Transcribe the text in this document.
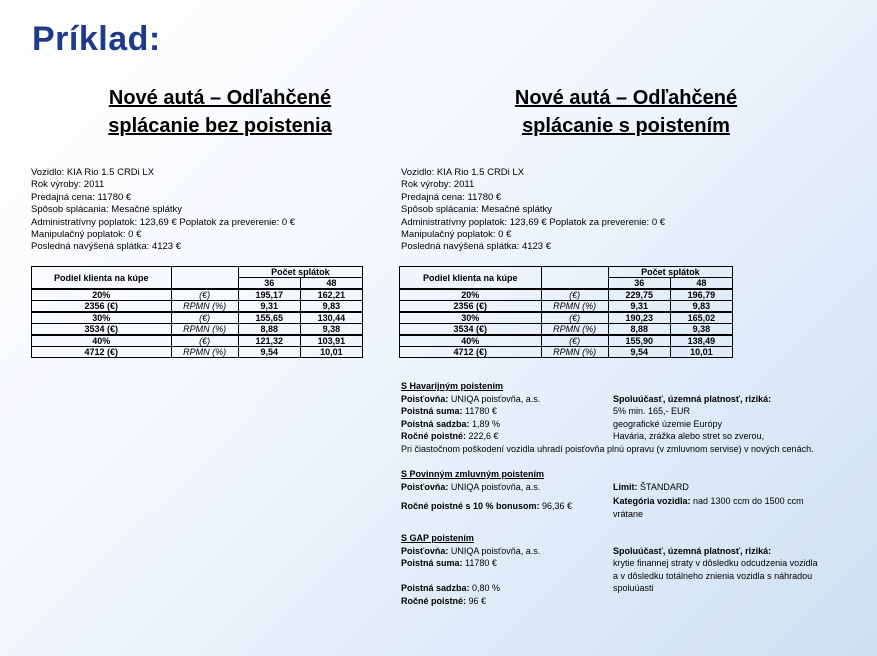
Príklad:
Nové autá – Odľahčené
splácanie bez poistenia
Vozidlo: KIA Rio 1.5 CRDi LX
Rok výroby: 2011
Predajná cena: 11780 €
Spôsob splácania: Mesačné splátky
Administratívny poplatok: 123,69 € Poplatok za preverenie: 0 €
Manipulačný poplatok: 0 €
Posledná navýšená splátka: 4123 €
Podiel klienta na kúpe		Počet splátok	
		36	48
20%	(€)	195,17	162,21
2356 (€)	RPMN (%)	9,31	9,83
30%	(€)	155,65	130,44
3534 (€)	RPMN (%)	8,88	9,38
40%	(€)	121,32	103,91
4712 (€)	RPMN (%)	9,54	10,01
Nové autá – Odľahčené
splácanie s poistením
Vozidlo: KIA Rio 1.5 CRDi LX
Rok výroby: 2011
Predajná cena: 11780 €
Spôsob splácania: Mesačné splátky
Administratívny poplatok: 123,69 € Poplatok za preverenie: 0 €
Manipulačný poplatok: 0 €
Posledná navýšená splátka: 4123 €
Podiel klienta na kúpe		Počet splátok	
		36	48
20%	(€)	229,75	196,79
2356 (€)	RPMN (%)	9,31	9,83
30%	(€)	190,23	165,02
3534 (€)	RPMN (%)	8,88	9,38
40%	(€)	155,90	138,49
4712 (€)	RPMN (%)	9,54	10,01
S Havarijným poistením
Poisťovňa: UNIQA poisťovňa, a.s.	Spoluúčasť, územná platnosť, riziká:
Poistná suma: 11780 €	5% min. 165,- EUR
Poistná sadzba: 1,89 %	geografické územie Európy
Ročné poistné: 222,6 €	Havária, zrážka alebo stret so zverou,
Pri čiastočnom poškodení vozidla uhradí poisťovňa plnú opravu (v zmluvnom servise) v nových cenách.
S Povinným zmluvným poistením
Poisťovňa: UNIQA poisťovňa, a.s.	Limit: ŠTANDARD
Ročné poistné s 10 % bonusom: 96,36 €	Kategória vozidla: nad 1300 ccm do 1500 ccm
vrátane
S GAP poistením
Poisťovňa: UNIQA poisťovňa, a.s.	Spoluúčasť, územná platnosť, riziká:
Poistná suma: 11780 €	krytie finannej straty v dôsledku odcudzenia vozidla
a v dôsledku totálneho znienia vozidla s náhradou
Poistná sadzba: 0,80 %	spoluúasti
Ročné poistné: 96 €
